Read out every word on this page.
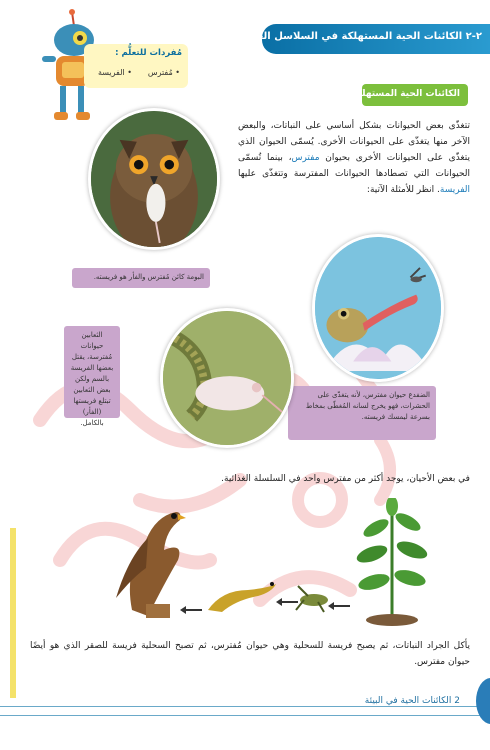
٢-٢ الكائنات الحية المستهلكة في السلاسل الغذائية
مُفردات للتعلُّم :
• مُفترس
• الفريسة
الكائنات الحية المستهلكة

تتغذّى بعض الحيوانات بشكل أساسي على النباتات، والبعض الآخر منها يتغذّى على الحيوانات الأخرى. يُسمّى الحيوان الذي يتغذّى على الحيوانات الأخرى بحيوان مفترس، بينما تُسمّى الحيوانات التي تصطادها الحيوانات المفترسة وتتغذّى عليها الفريسة. انظر للأمثلة الآتية:

البومة كائن مُفترس والفأر هو فريسته.
الضفدع حيوان مفترس، لأنه يتغذّى على الحشرات، فهو يخرج لسانه المُغطّى بمخاط بسرعة ليمسك فريسته.
الثعابين حيوانات مُفترسة، يقتل بعضها الفريسة بالسم ولكن بعض الثعابين تبتلع فريستها (الفأر) بالكامل.

في بعض الأحيان، يوجد أكثر من مفترس واحد في السلسلة الغذائية.

يأكل الجراد النباتات، ثم يصبح فريسة للسحلية وهي حيوان مُفترس، ثم تصبح السحلية فريسة للصقر الذي هو أيضًا حيوان مفترس.

2 الكائنات الحية في البيئة
